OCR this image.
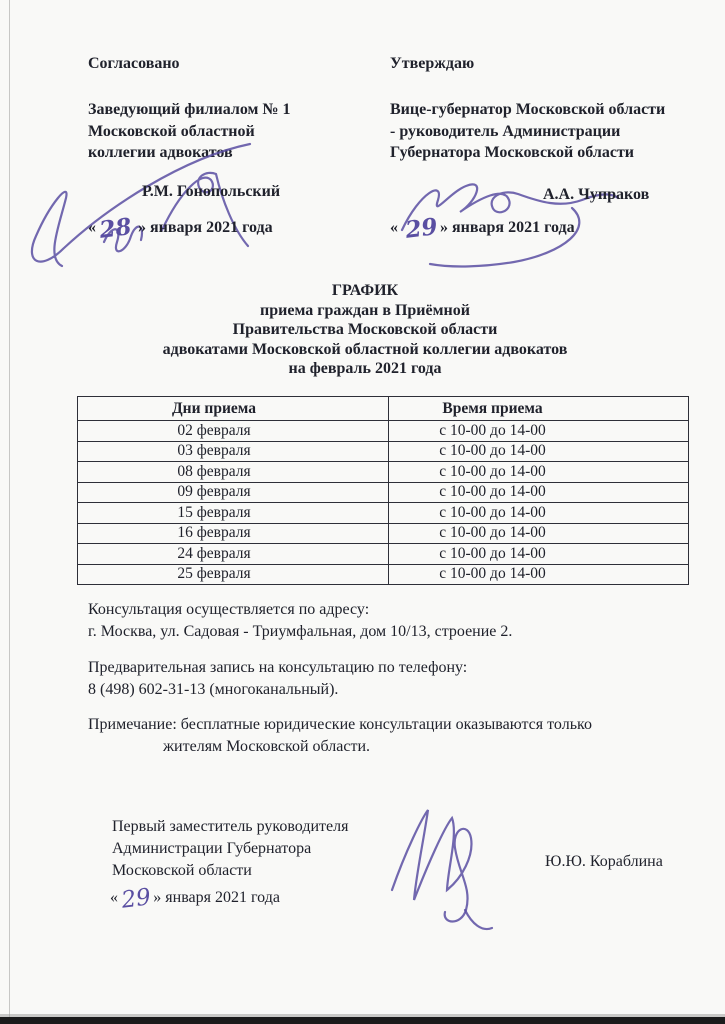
Согласовано
Заведующий филиалом № 1
Московской областной
коллегии адвокатов
Р.М. Гонопольский
«28 » января 2021 года
Утверждаю
Вице-губернатор Московской области
- руководитель Администрации
Губернатора Московской области
А.А. Чупраков
« 29» января 2021 года
ГРАФИК
приема граждан в Приёмной
Правительства Московской области
адвокатами Московской областной коллегии адвокатов
на февраль 2021 года
Дни приема	Время приема
02 февраля	с 10-00 до 14-00
03 февраля	с 10-00 до 14-00
08 февраля	с 10-00 до 14-00
09 февраля	с 10-00 до 14-00
15 февраля	с 10-00 до 14-00
16 февраля	с 10-00 до 14-00
24 февраля	с 10-00 до 14-00
25 февраля	с 10-00 до 14-00
Консультация осуществляется по адресу:
г. Москва, ул. Садовая - Триумфальная, дом 10/13, строение 2.
Предварительная запись на консультацию по телефону:
8 (498) 602-31-13 (многоканальный).
Примечание: бесплатные юридические консультации оказываются только
жителям Московской области.
Первый заместитель руководителя
Администрации Губернатора
Московской области
Ю.Ю. Кораблина
«29» января 2021 года
